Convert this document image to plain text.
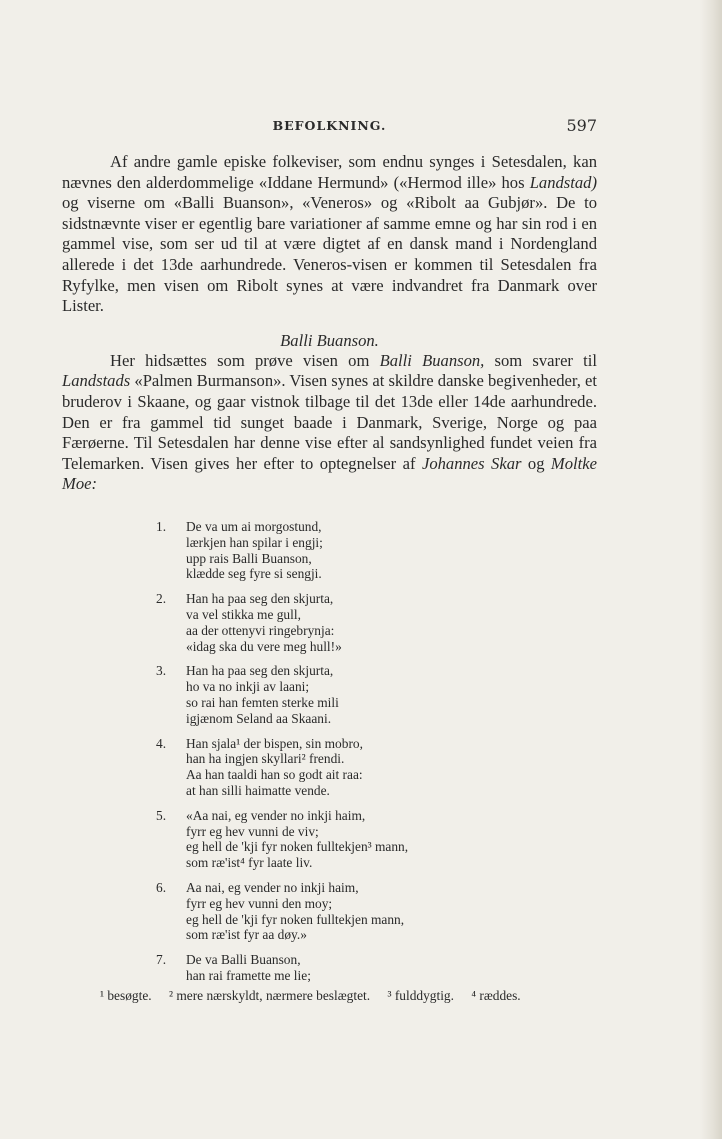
BEFOLKNING.	597

Af andre gamle episke folkeviser, som endnu synges i Setesdalen, kan nævnes den alderdommelige «Iddane Hermund» («Hermod ille» hos Landstad) og viserne om «Balli Buanson», «Veneros» og «Ribolt aa Gubjør». De to sidstnævnte viser er egentlig bare variationer af samme emne og har sin rod i en gammel vise, som ser ud til at være digtet af en dansk mand i Nordengland allerede i det 13de aarhundrede. Veneros-visen er kommen til Setesdalen fra Ryfylke, men visen om Ribolt synes at være indvandret fra Danmark over Lister.

Balli Buanson.

Her hidsættes som prøve visen om Balli Buanson, som svarer til Landstads «Palmen Burmanson». Visen synes at skildre danske begivenheder, et bruderov i Skaane, og gaar vistnok tilbage til det 13de eller 14de aarhundrede. Den er fra gammel tid sunget baade i Danmark, Sverige, Norge og paa Færøerne. Til Setesdalen har denne vise efter al sandsynlighed fundet veien fra Telemarken. Visen gives her efter to optegnelser af Johannes Skar og Moltke Moe:

1. De va um ai morgostund,
lærkjen han spilar i engji;
upp rais Balli Buanson,
klædde seg fyre si sengji.
2. Han ha paa seg den skjurta,
va vel stikka me gull,
aa der ottenyvi ringebrynja:
«idag ska du vere meg hull!»
3. Han ha paa seg den skjurta,
ho va no inkji av laani;
so rai han femten sterke mili
igjænom Seland aa Skaani.
4. Han sjala¹ der bispen, sin mobro,
han ha ingjen skyllari² frendi.
Aa han taaldi han so godt ait raa:
at han silli haimatte vende.
5. «Aa nai, eg vender no inkji haim,
fyrr eg hev vunni de viv;
eg hell de 'kji fyr noken fulltekjen³ mann,
som ræ'ist⁴ fyr laate liv.
6. Aa nai, eg vender no inkji haim,
fyrr eg hev vunni den moy;
eg hell de 'kji fyr noken fulltekjen mann,
som ræ'ist fyr aa døy.»
7. De va Balli Buanson,
han rai framette me lie;
¹ besøgte. ² mere nærskyldt, nærmere beslægtet. ³ fulddygtig. ⁴ ræddes.
